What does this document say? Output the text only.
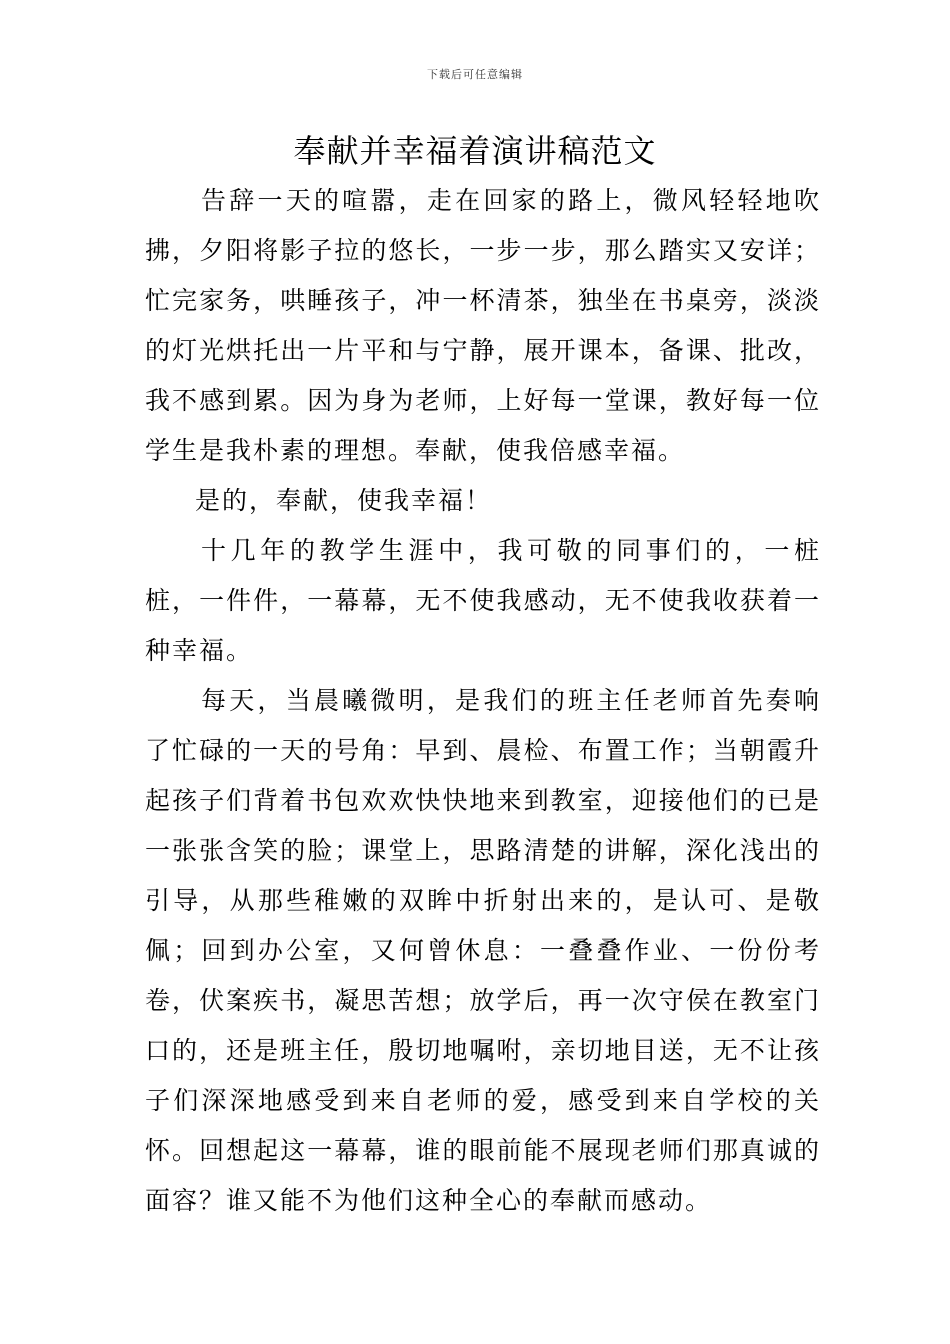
下载后可任意编辑
奉献并幸福着演讲稿范文

告辞一天的喧嚣，走在回家的路上，微风轻轻地吹拂，夕阳将影子拉的悠长，一步一步，那么踏实又安详；忙完家务，哄睡孩子，冲一杯清茶，独坐在书桌旁，淡淡的灯光烘托出一片平和与宁静，展开课本，备课、批改，我不感到累。因为身为老师，上好每一堂课，教好每一位学生是我朴素的理想。奉献，使我倍感幸福。

是的，奉献，使我幸福！

十几年的教学生涯中，我可敬的同事们的，一桩桩，一件件，一幕幕，无不使我感动，无不使我收获着一种幸福。

每天，当晨曦微明，是我们的班主任老师首先奏响了忙碌的一天的号角：早到、晨检、布置工作；当朝霞升起孩子们背着书包欢欢快快地来到教室，迎接他们的已是一张张含笑的脸；课堂上，思路清楚的讲解，深化浅出的引导，从那些稚嫩的双眸中折射出来的，是认可、是敬佩；回到办公室，又何曾休息：一叠叠作业、一份份考卷，伏案疾书，凝思苦想；放学后，再一次守侯在教室门口的，还是班主任，殷切地嘱咐，亲切地目送，无不让孩子们深深地感受到来自老师的爱，感受到来自学校的关怀。回想起这一幕幕，谁的眼前能不展现老师们那真诚的面容？谁又能不为他们这种全心的奉献而感动。
